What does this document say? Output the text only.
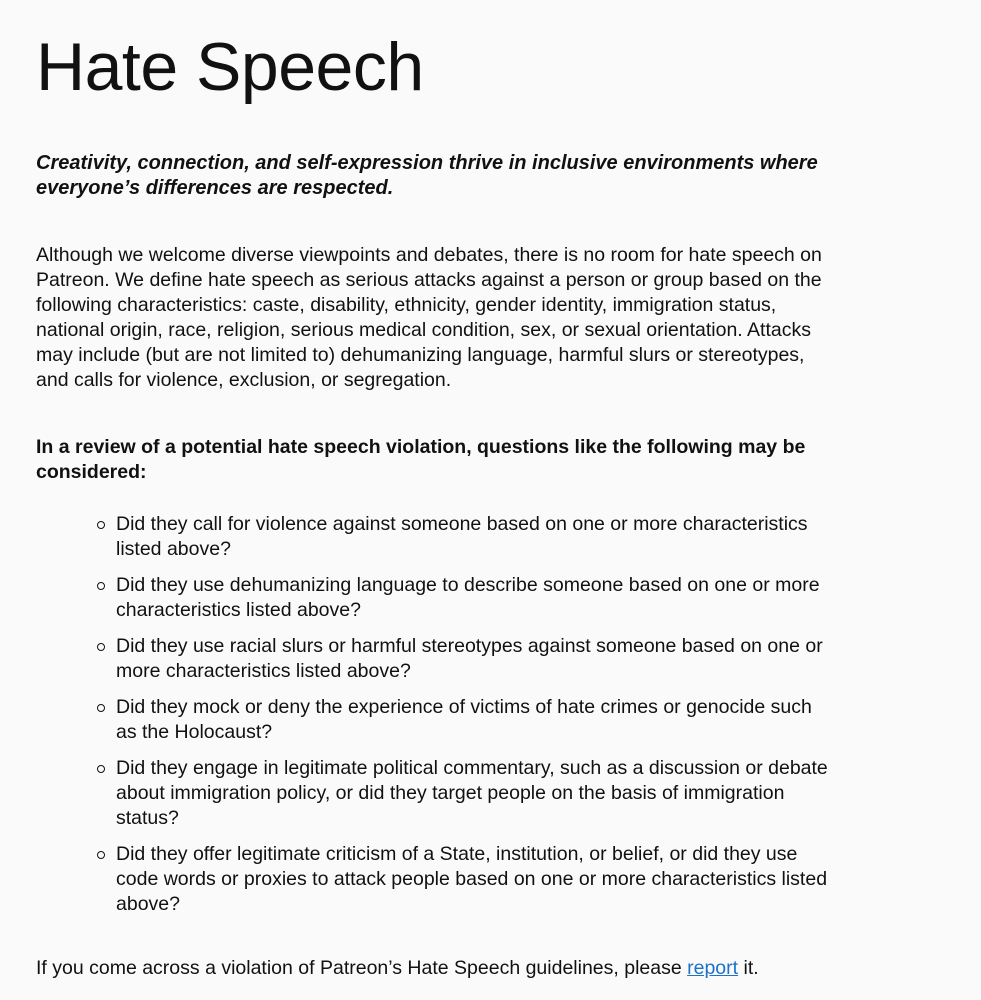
Hate Speech

Creativity, connection, and self-expression thrive in inclusive environments where everyone’s differences are respected.

Although we welcome diverse viewpoints and debates, there is no room for hate speech on Patreon. We define hate speech as serious attacks against a person or group based on the following characteristics: caste, disability, ethnicity, gender identity, immigration status, national origin, race, religion, serious medical condition, sex, or sexual orientation. Attacks may include (but are not limited to) dehumanizing language, harmful slurs or stereotypes, and calls for violence, exclusion, or segregation.

In a review of a potential hate speech violation, questions like the following may be considered:

Did they call for violence against someone based on one or more characteristics listed above?
Did they use dehumanizing language to describe someone based on one or more characteristics listed above?
Did they use racial slurs or harmful stereotypes against someone based on one or more characteristics listed above?
Did they mock or deny the experience of victims of hate crimes or genocide such as the Holocaust?
Did they engage in legitimate political commentary, such as a discussion or debate about immigration policy, or did they target people on the basis of immigration status?
Did they offer legitimate criticism of a State, institution, or belief, or did they use code words or proxies to attack people based on one or more characteristics listed above?

If you come across a violation of Patreon’s Hate Speech guidelines, please report it.
